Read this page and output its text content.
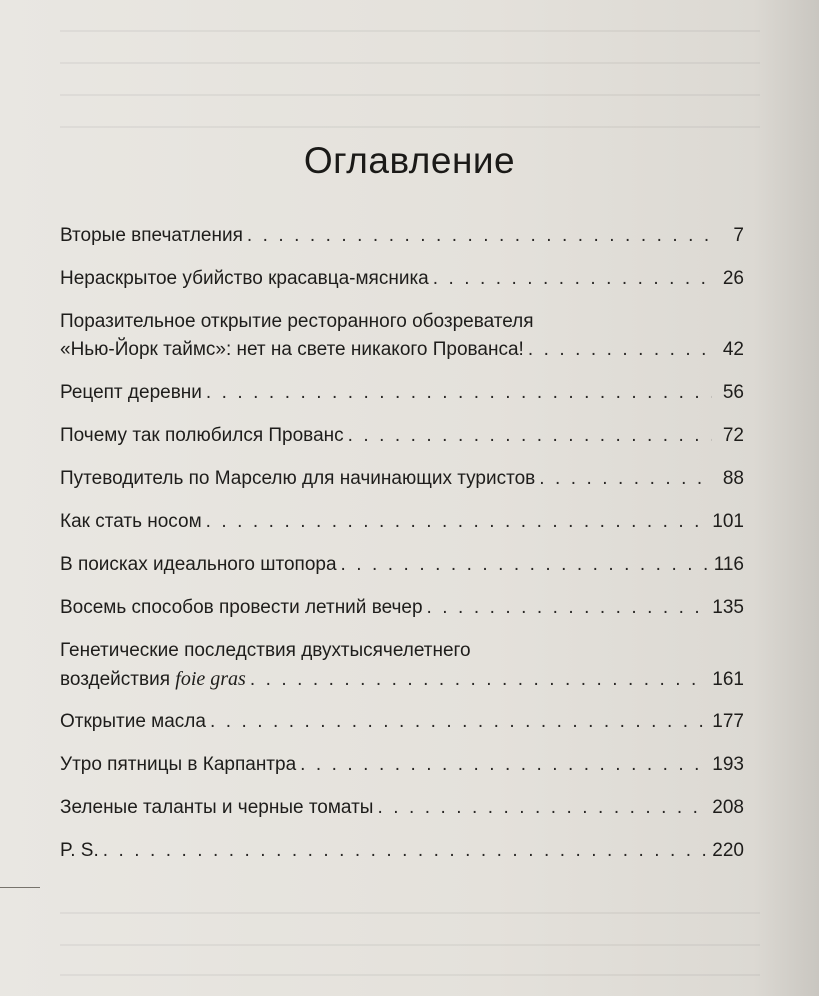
Оглавление
Вторые впечатления . . .	7
Нераскрытое убийство красавца-мясника . . .	26
Поразительное открытие ресторанного обозревателя
«Нью-Йорк таймс»: нет на свете никакого Прованса! . . .	42
Рецепт деревни . . .	56
Почему так полюбился Прованс . . .	72
Путеводитель по Марселю для начинающих туристов . . .	88
Как стать носом . . .	101
В поисках идеального штопора . . .	116
Восемь способов провести летний вечер . . .	135
Генетические последствия двухтысячелетнего
воздействия foie gras . . .	161
Открытие масла . . .	177
Утро пятницы в Карпантра . . .	193
Зеленые таланты и черные томаты . . .	208
P. S. . . .	220
